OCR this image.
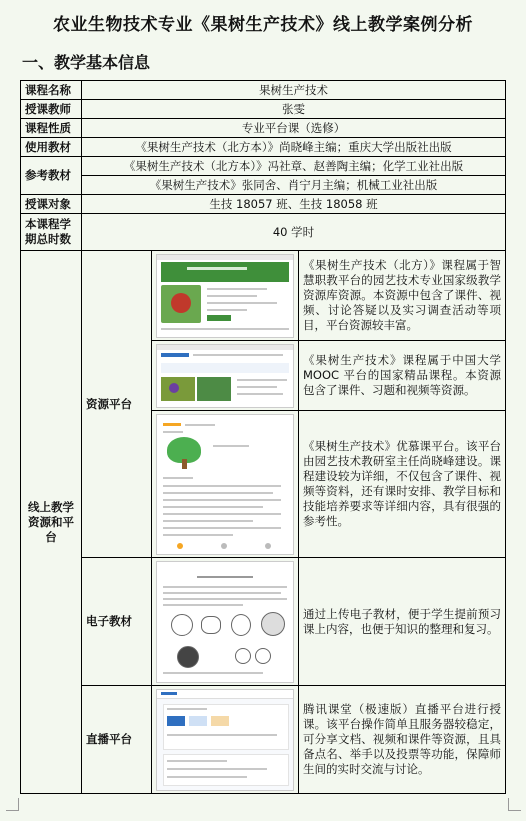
农业生物技术专业《果树生产技术》线上教学案例分析
一、教学基本信息
课程名称	果树生产技术		
授课教师	张雯		
课程性质	专业平台课（选修）		
使用教材	《果树生产技术（北方本）》尚晓峰主编；重庆大学出版社出版		
参考教材	《果树生产技术（北方本）》冯社章、赵善陶主编；化学工业社出版		
	《果树生产技术》张同舍、肖宁月主编；机械工业社出版		
授课对象	生技 18057 班、生技 18058 班		
本课程学期总时数	40 学时		
线上教学资源和平台	资源平台		《果树生产技术（北方）》课程属于智慧职教平台的园艺技术专业国家级教学资源库资源。本资源中包含了课件、视频、讨论答疑以及实习调查活动等项目，平台资源较丰富。

			《果树生产技术》课程属于中国大学 MOOC 平台的国家精品课程。本资源包含了课件、习题和视频等资源。

			《果树生产技术》优慕课平台。该平台由园艺技术教研室主任尚晓峰建设。课程建设较为详细，不仅包含了课件、视频等资料，还有课时安排、教学目标和技能培养要求等详细内容，具有很强的参考性。
	电子教材		通过上传电子教材，便于学生提前预习课上内容，也便于知识的整理和复习。
	直播平台		腾讯课堂（极速版）直播平台进行授课。该平台操作简单且服务器较稳定，可分享文档、视频和课件等资源，且具备点名、举手以及投票等功能，保障师生间的实时交流与讨论。
